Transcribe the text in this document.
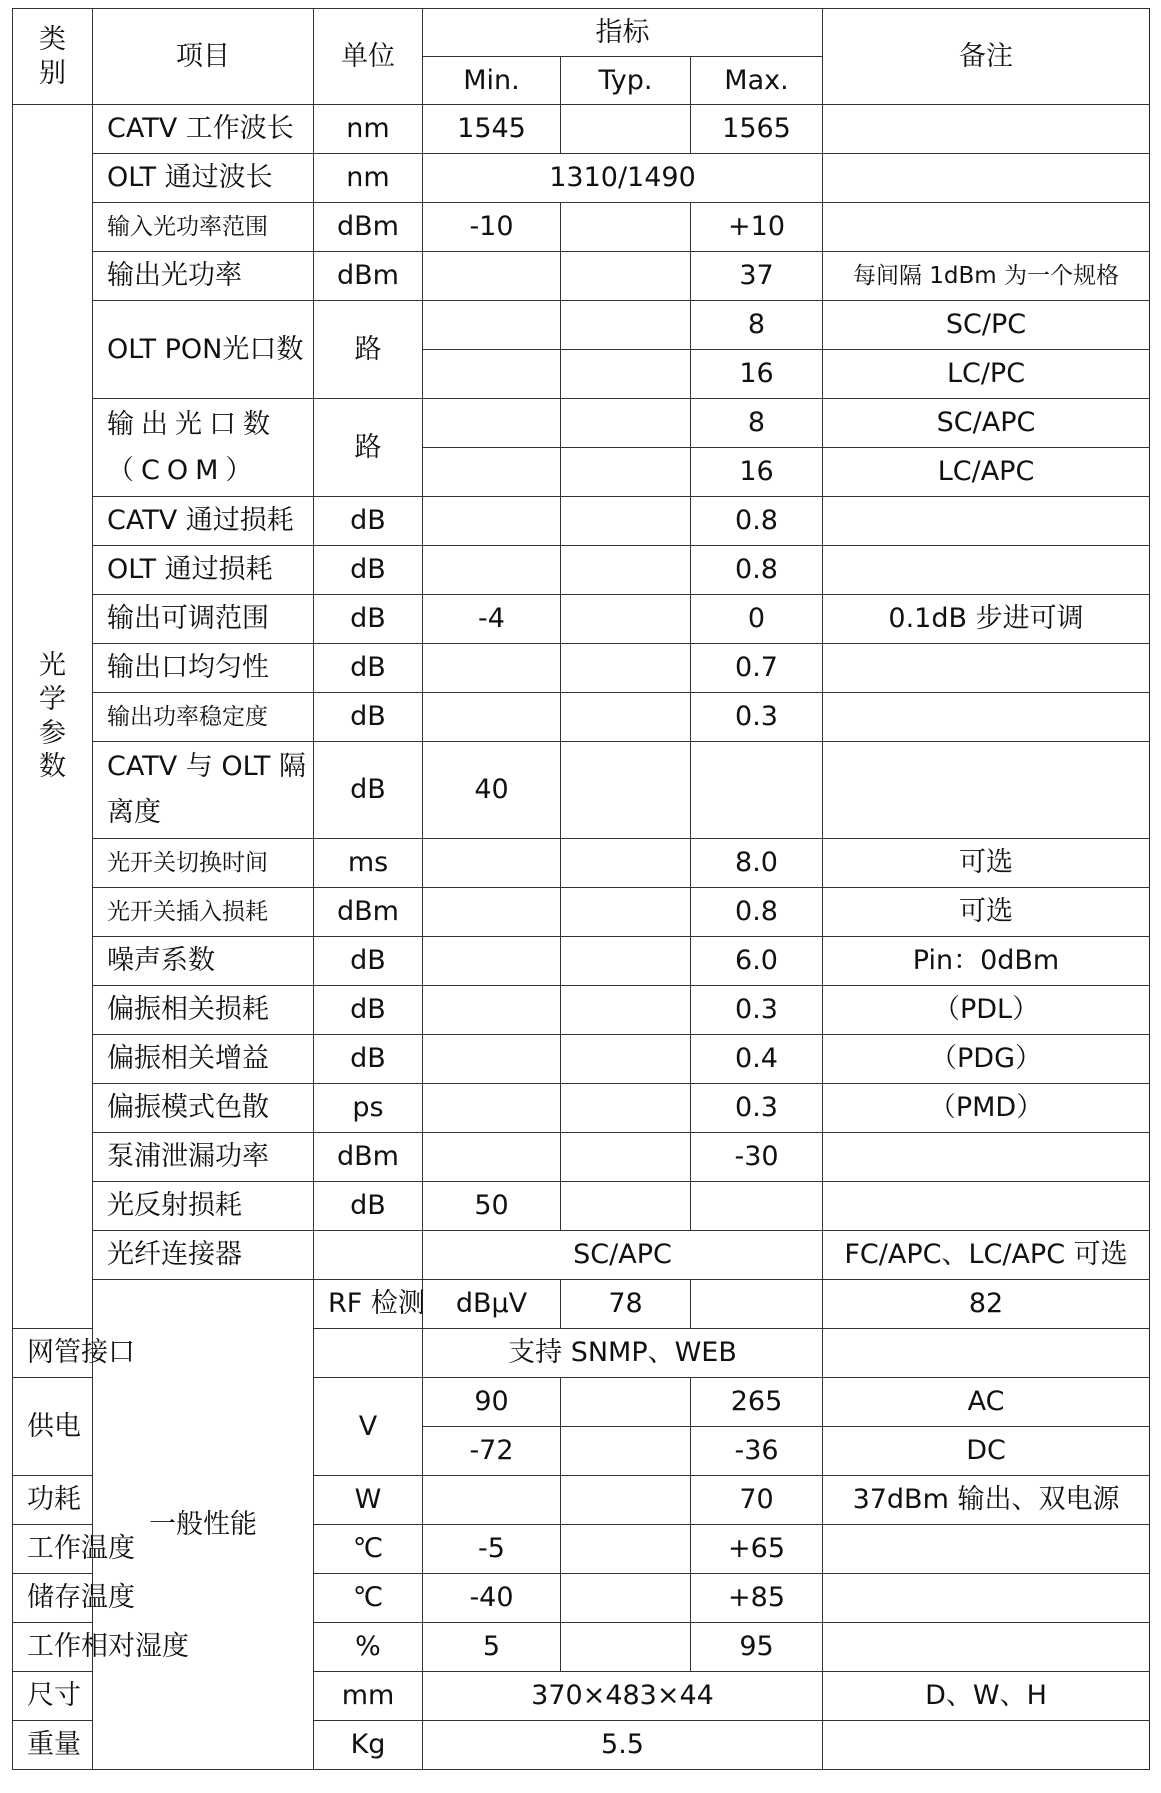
类别	项目	单位	指标			备注	
			Min.	Typ.	Max.		
光学参数	CATV 工作波长	nm	1545		1565		
	OLT 通过波长	nm	1310/1490				
	输入光功率范围	dBm	-10		+10		
	输出光功率	dBm			37	每间隔 1dBm 为一个规格	
	OLT PON光口数	路			8	SC/PC	
					16	LC/PC	
	输出光口数（COM）	路			8	SC/APC	
					16	LC/APC	
	CATV 通过损耗	dB			0.8		
	OLT 通过损耗	dB			0.8		
	输出可调范围	dB	-4		0	0.1dB 步进可调	
	输出口均匀性	dB			0.7		
	输出功率稳定度	dB			0.3		
	CATV 与 OLT 隔离度	dB	40				
	光开关切换时间	ms			8.0	可选	
	光开关插入损耗	dBm			0.8	可选	
	噪声系数	dB			6.0	Pin：0dBm	
	偏振相关损耗	dB			0.3	（PDL）	
	偏振相关增益	dB			0.4	（PDG）	
	偏振模式色散	ps			0.3	（PMD）	
	泵浦泄漏功率	dBm			-30		
	光反射损耗	dB	50				
	光纤连接器		SC/APC			FC/APC、LC/APC 可选	
	一般性能	RF 检测	dBμV	78		82	
网管接口			支持 SNMP、WEB				
供电		V	90		265	AC	
			-72		-36	DC	
功耗		W			70	37dBm 输出、双电源	
工作温度		℃	-5		+65		
储存温度		℃	-40		+85		
工作相对湿度		%	5		95		
尺寸		mm	370×483×44			D、W、H	
重量		Kg	5.5				
